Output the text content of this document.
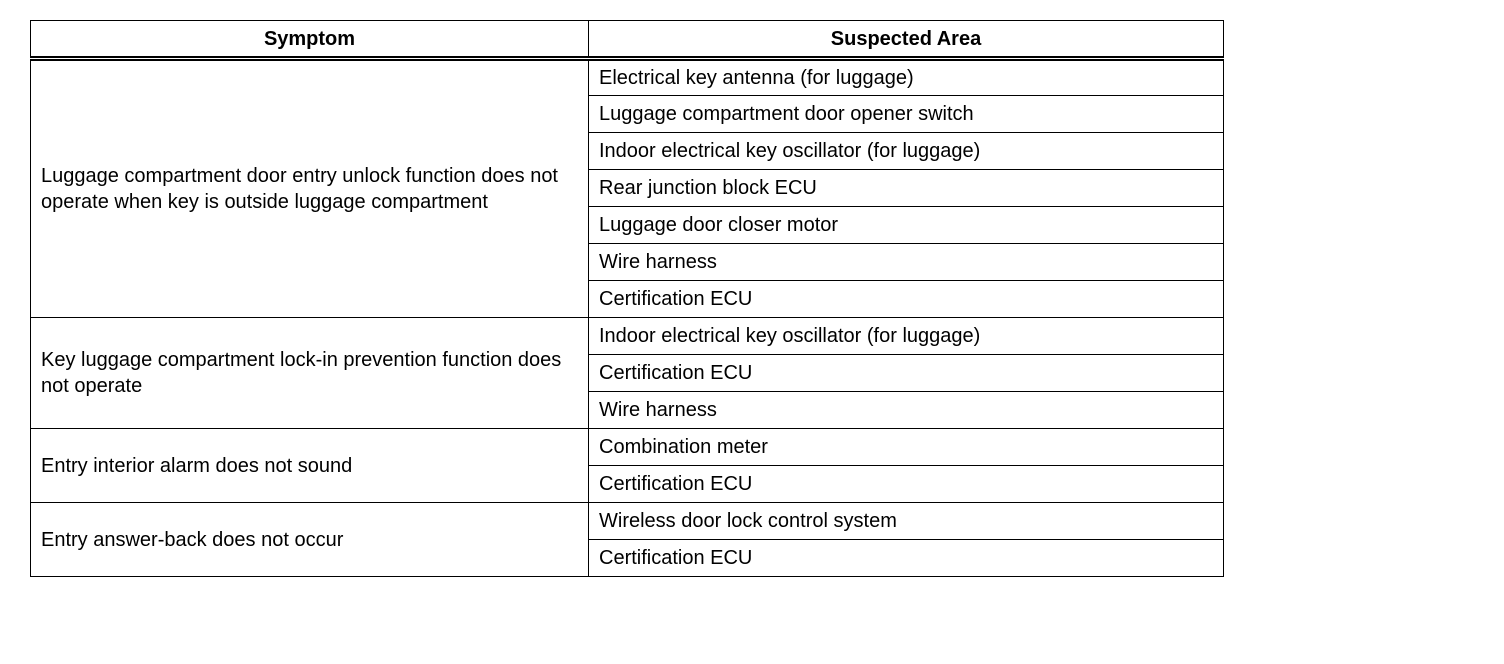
Symptom	Suspected Area
Luggage compartment door entry unlock function does not operate when key is outside luggage compartment	Electrical key antenna (for luggage)
	Luggage compartment door opener switch
	Indoor electrical key oscillator (for luggage)
	Rear junction block ECU
	Luggage door closer motor
	Wire harness
	Certification ECU
Key luggage compartment lock-in prevention function does not operate	Indoor electrical key oscillator (for luggage)
	Certification ECU
	Wire harness
Entry interior alarm does not sound	Combination meter
	Certification ECU
Entry answer-back does not occur	Wireless door lock control system
	Certification ECU
